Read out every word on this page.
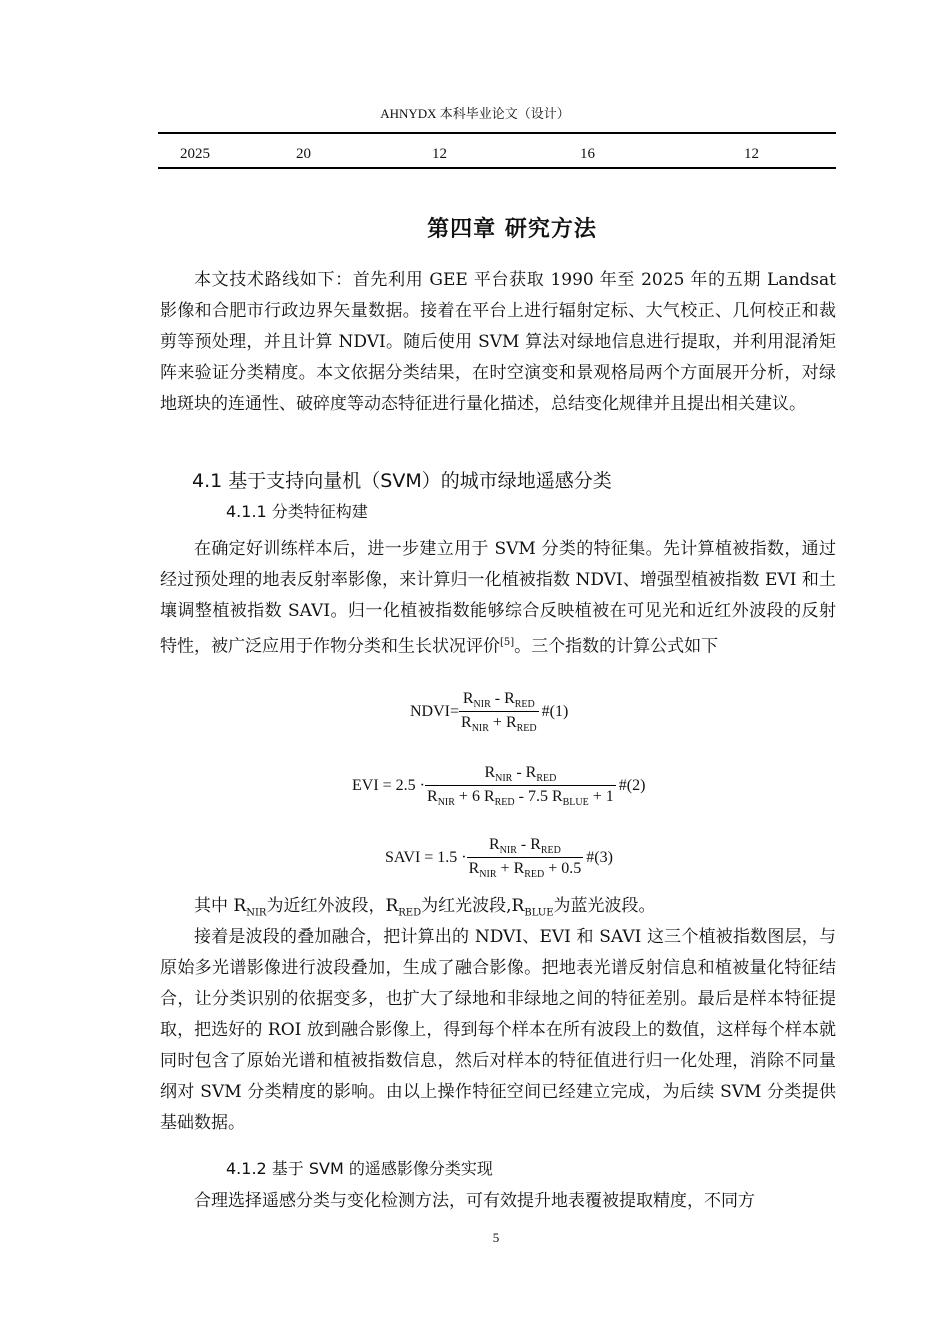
AHNYDX 本科毕业论文（设计）
2025	20	12	16	12
第四章 研究方法

本文技术路线如下：首先利用 GEE 平台获取 1990 年至 2025 年的五期 Landsat 影像和合肥市行政边界矢量数据。接着在平台上进行辐射定标、大气校正、几何校正和裁剪等预处理，并且计算 NDVI。随后使用 SVM 算法对绿地信息进行提取，并利用混淆矩阵来验证分类精度。本文依据分类结果，在时空演变和景观格局两个方面展开分析，对绿地斑块的连通性、破碎度等动态特征进行量化描述，总结变化规律并且提出相关建议。

4.1 基于支持向量机（SVM）的城市绿地遥感分类
4.1.1 分类特征构建

在确定好训练样本后，进一步建立用于 SVM 分类的特征集。先计算植被指数，通过经过预处理的地表反射率影像，来计算归一化植被指数 NDVI、增强型植被指数 EVI 和土壤调整植被指数 SAVI。归一化植被指数能够综合反映植被在可见光和近红外波段的反射特性，被广泛应用于作物分类和生长状况评价[5]。三个指数的计算公式如下

NDVI= $\frac{R_{NIR} - R_{RED}}{R_{NIR} + R_{RED}}$ #(1)
EVI = $2.5 \cdot \frac{R_{NIR} - R_{RED}}{R_{NIR} + 6 R_{RED} - 7.5 R_{BLUE} + 1}$ #(2)
SAVI = $1.5 \cdot \frac{R_{NIR} - R_{RED}}{R_{NIR} + R_{RED} + 0.5}$ #(3)

其中 $R_{NIR}$为近红外波段，$R_{RED}$为红光波段$,R_{BLUE}$为蓝光波段。

接着是波段的叠加融合，把计算出的 NDVI、EVI 和 SAVI 这三个植被指数图层，与原始多光谱影像进行波段叠加，生成了融合影像。把地表光谱反射信息和植被量化特征结合，让分类识别的依据变多，也扩大了绿地和非绿地之间的特征差别。最后是样本特征提取，把选好的 ROI 放到融合影像上，得到每个样本在所有波段上的数值，这样每个样本就同时包含了原始光谱和植被指数信息，然后对样本的特征值进行归一化处理，消除不同量纲对 SVM 分类精度的影响。由以上操作特征空间已经建立完成，为后续 SVM 分类提供基础数据。

4.1.2 基于 SVM 的遥感影像分类实现

合理选择遥感分类与变化检测方法，可有效提升地表覆被提取精度，不同方

5
